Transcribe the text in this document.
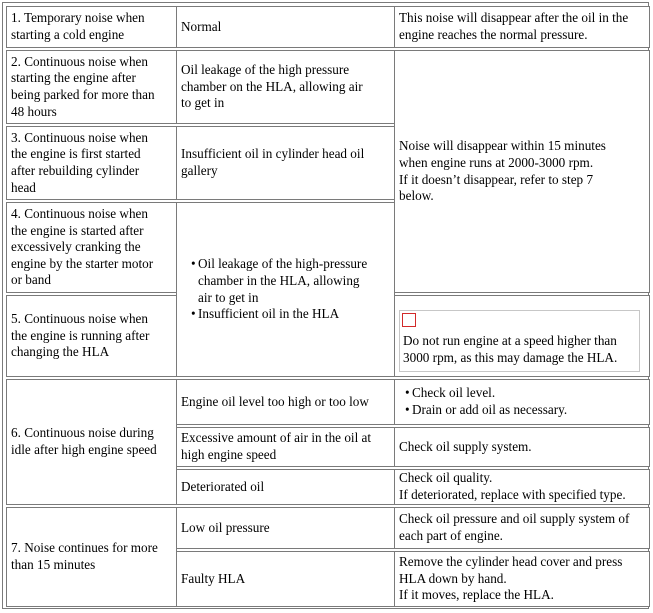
1. Temporary noise when
starting a cold engine
Normal
This noise will disappear after the oil in the
engine reaches the normal pressure.
2. Continuous noise when
starting the engine after
being parked for more than
48 hours
Oil leakage of the high pressure
chamber on the HLA, allowing air
to get in
Noise will disappear within 15 minutes
when engine runs at 2000-3000 rpm.
If it doesn’t disappear, refer to step 7
below.
3. Continuous noise when
the engine is first started
after rebuilding cylinder
head
Insufficient oil in cylinder head oil
gallery
4. Continuous noise when
the engine is started after
excessively cranking the
engine by the starter motor
or band
• Oil leakage of the high-pressure
chamber in the HLA, allowing
air to get in
• Insufficient oil in the HLA
5. Continuous noise when
the engine is running after
changing the HLA
Do not run engine at a speed higher than
3000 rpm, as this may damage the HLA.
6. Continuous noise during
idle after high engine speed
Engine oil level too high or too low
• Check oil level.
• Drain or add oil as necessary.
Excessive amount of air in the oil at
high engine speed
Check oil supply system.
Deteriorated oil
Check oil quality.
If deteriorated, replace with specified type.
7. Noise continues for more
than 15 minutes
Low oil pressure
Check oil pressure and oil supply system of
each part of engine.
Faulty HLA
Remove the cylinder head cover and press
HLA down by hand.
If it moves, replace the HLA.
